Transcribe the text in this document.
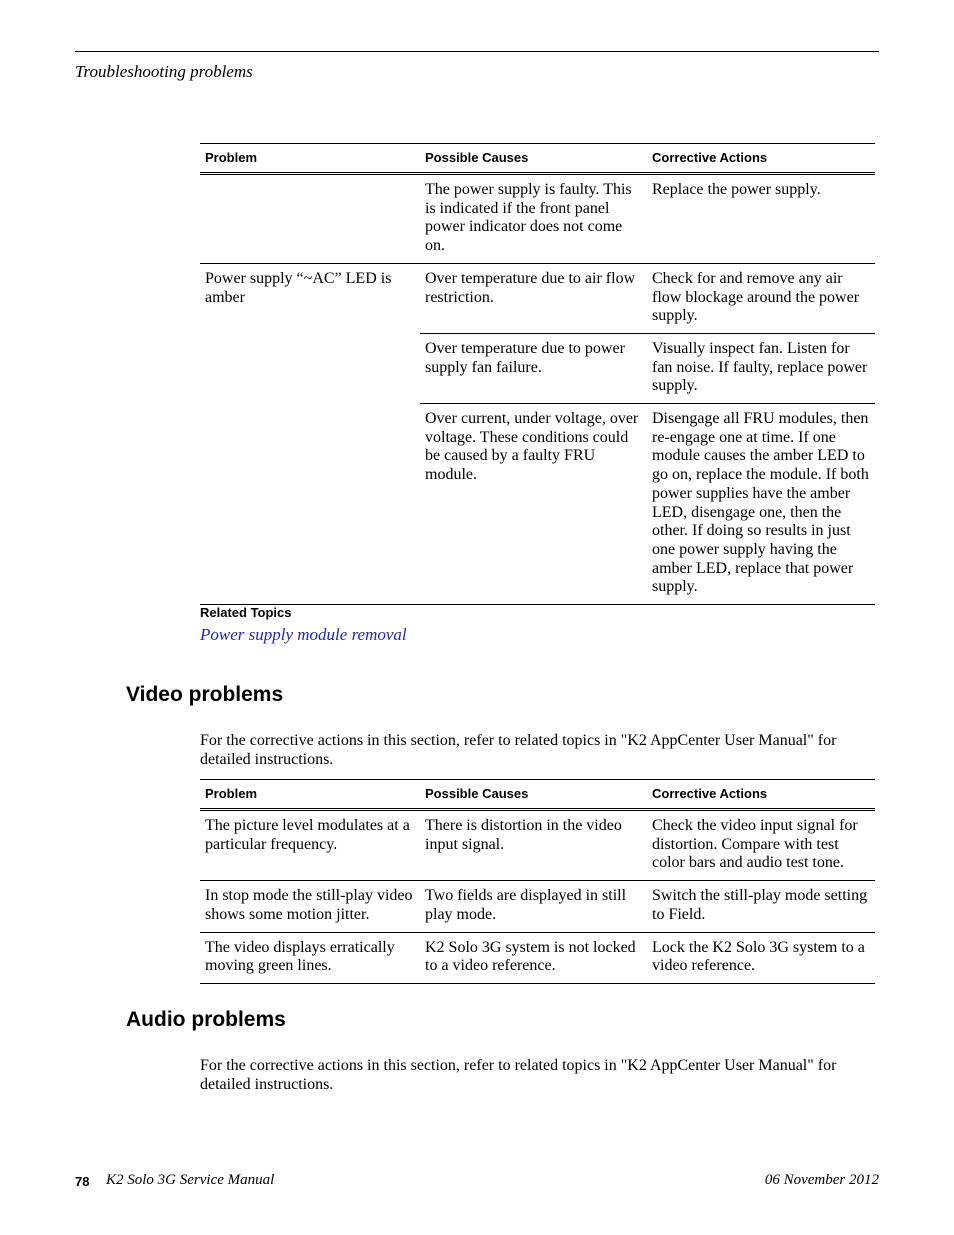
Troubleshooting problems
Problem	Possible Causes	Corrective Actions
	The power supply is faulty. This is indicated if the front panel power indicator does not come on.	Replace the power supply.
Power supply “~AC” LED is amber	Over temperature due to air flow restriction.	Check for and remove any air flow blockage around the power supply.
	Over temperature due to power supply fan failure.	Visually inspect fan. Listen for fan noise. If faulty, replace power supply.
	Over current, under voltage, over voltage. These conditions could be caused by a faulty FRU module.	Disengage all FRU modules, then re-engage one at time. If one module causes the amber LED to go on, replace the module. If both power supplies have the amber LED, disengage one, then the other. If doing so results in just one power supply having the amber LED, replace that power supply.
Related Topics
Power supply module removal
Video problems

For the corrective actions in this section, refer to related topics in "K2 AppCenter User Manual" for detailed instructions.

Problem	Possible Causes	Corrective Actions
The picture level modulates at a particular frequency.	There is distortion in the video input signal.	Check the video input signal for distortion. Compare with test color bars and audio test tone.
In stop mode the still-play video shows some motion jitter.	Two fields are displayed in still play mode.	Switch the still-play mode setting to Field.
The video displays erratically moving green lines.	K2 Solo 3G system is not locked to a video reference.	Lock the K2 Solo 3G system to a video reference.
Audio problems

For the corrective actions in this section, refer to related topics in "K2 AppCenter User Manual" for detailed instructions.

78 K2 Solo 3G Service Manual	06 November 2012
